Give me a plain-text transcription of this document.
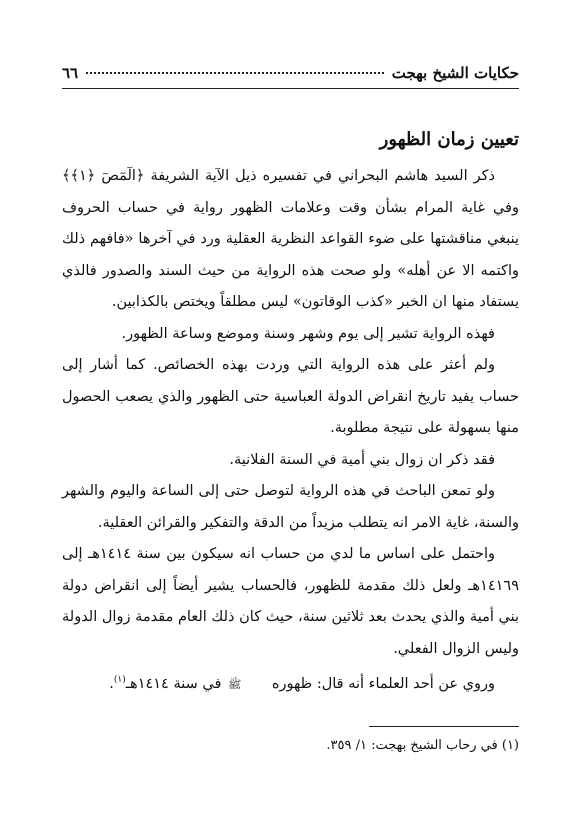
حكايات الشيخ بهجت
٦٦
تعيين زمان الظهور

ذكر السيد هاشم البحراني في تفسيره ذيل الآية الشريفة ﴿الٓمٓصٓ ﴿١﴾﴾ وفي غاية المرام بشأن وقت وعلامات الظهور رواية في حساب الحروف ينبغي مناقشتها على ضوء القواعد النظرية العقلية ورد في آخرها «فافهم ذلك واكتمه الا عن أهله» ولو صحت هذه الرواية من حيث السند والصدور فالذي يستفاد منها ان الخبر «كذب الوقاتون» ليس مطلقاً ويختص بالكذابين.

فهذه الرواية تشير إلى يوم وشهر وسنة وموضع وساعة الظهور.

ولم أعثر على هذه الرواية التي وردت بهذه الخصائص. كما أشار إلى حساب يفيد تاريخ انقراض الدولة العباسية حتى الظهور والذي يصعب الحصول منها بسهولة على نتيجة مطلوبة.

فقد ذكر ان زوال بني أمية في السنة الفلانية.

ولو تمعن الباحث في هذه الرواية لتوصل حتى إلى الساعة واليوم والشهر والسنة، غاية الامر انه يتطلب مزيداً من الدقة والتفكير والقرائن العقلية.

واحتمل على اساس ما لدي من حساب انه سيكون بين سنة ١٤١٤هـ إلى ١٤١٦٩هـ ولعل ذلك مقدمة للظهور، فالحساب يشير أيضاً إلى انقراض دولة بني أمية والذي يحدث بعد ثلاثين سنة، حيث كان ذلك العام مقدمة زوال الدولة وليس الزوال الفعلي.

وروي عن أحد العلماء أنه قال: ظهوره ﷺ في سنة ١٤١٤هـ$^{(١)}$.

(١) في رحاب الشيخ بهجت: ١/ ٣٥٩.
